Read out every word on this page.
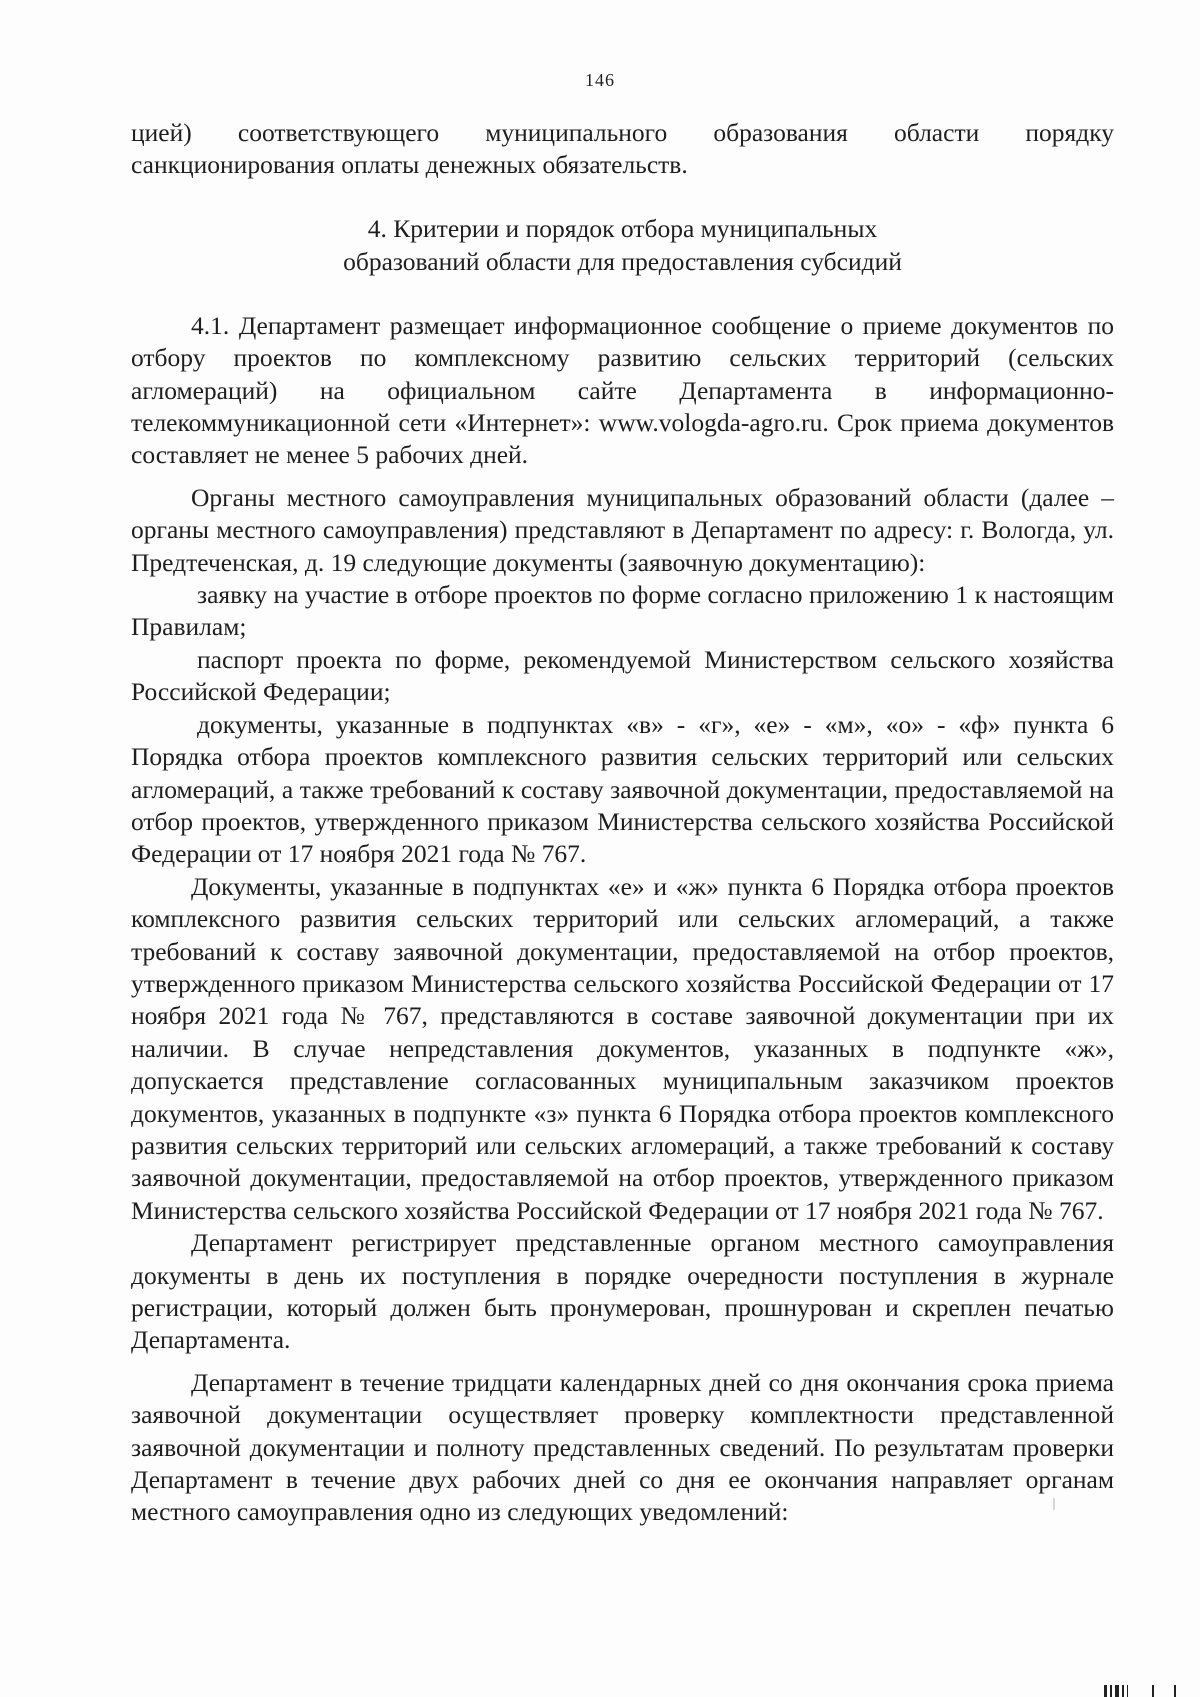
146

цией) соответствующего муниципального образования области порядку санкционирования оплаты денежных обязательств.

4. Критерии и порядок отбора муниципальных
образований области для предоставления субсидий

4.1. Департамент размещает информационное сообщение о приеме документов по отбору проектов по комплексному развитию сельских территорий (сельских агломераций) на официальном сайте Департамента в информационно-телекоммуникационной сети «Интернет»: www.vologda-agro.ru. Срок приема документов составляет не менее 5 рабочих дней.

Органы местного самоуправления муниципальных образований области (далее – органы местного самоуправления) представляют в Департамент по адресу: г. Вологда, ул. Предтеченская, д. 19 следующие документы (заявочную документацию):

заявку на участие в отборе проектов по форме согласно приложению 1 к настоящим Правилам;

паспорт проекта по форме, рекомендуемой Министерством сельского хозяйства Российской Федерации;

документы, указанные в подпунктах «в» - «г», «е» - «м», «о» - «ф» пункта 6 Порядка отбора проектов комплексного развития сельских территорий или сельских агломераций, а также требований к составу заявочной документации, предоставляемой на отбор проектов, утвержденного приказом Министерства сельского хозяйства Российской Федерации от 17 ноября 2021 года № 767.

Документы, указанные в подпунктах «е» и «ж» пункта 6 Порядка отбора проектов комплексного развития сельских территорий или сельских агломераций, а также требований к составу заявочной документации, предоставляемой на отбор проектов, утвержденного приказом Министерства сельского хозяйства Российской Федерации от 17 ноября 2021 года № 767, представляются в составе заявочной документации при их наличии. В случае непредставления документов, указанных в подпункте «ж», допускается представление согласованных муниципальным заказчиком проектов документов, указанных в подпункте «з» пункта 6 Порядка отбора проектов комплексного развития сельских территорий или сельских агломераций, а также требований к составу заявочной документации, предоставляемой на отбор проектов, утвержденного приказом Министерства сельского хозяйства Российской Федерации от 17 ноября 2021 года № 767.

Департамент регистрирует представленные органом местного самоуправления документы в день их поступления в порядке очередности поступления в журнале регистрации, который должен быть пронумерован, прошнурован и скреплен печатью Департамента.

Департамент в течение тридцати календарных дней со дня окончания срока приема заявочной документации осуществляет проверку комплектности представленной заявочной документации и полноту представленных сведений. По результатам проверки Департамент в течение двух рабочих дней со дня ее окончания направляет органам местного самоуправления одно из следующих уведомлений:
